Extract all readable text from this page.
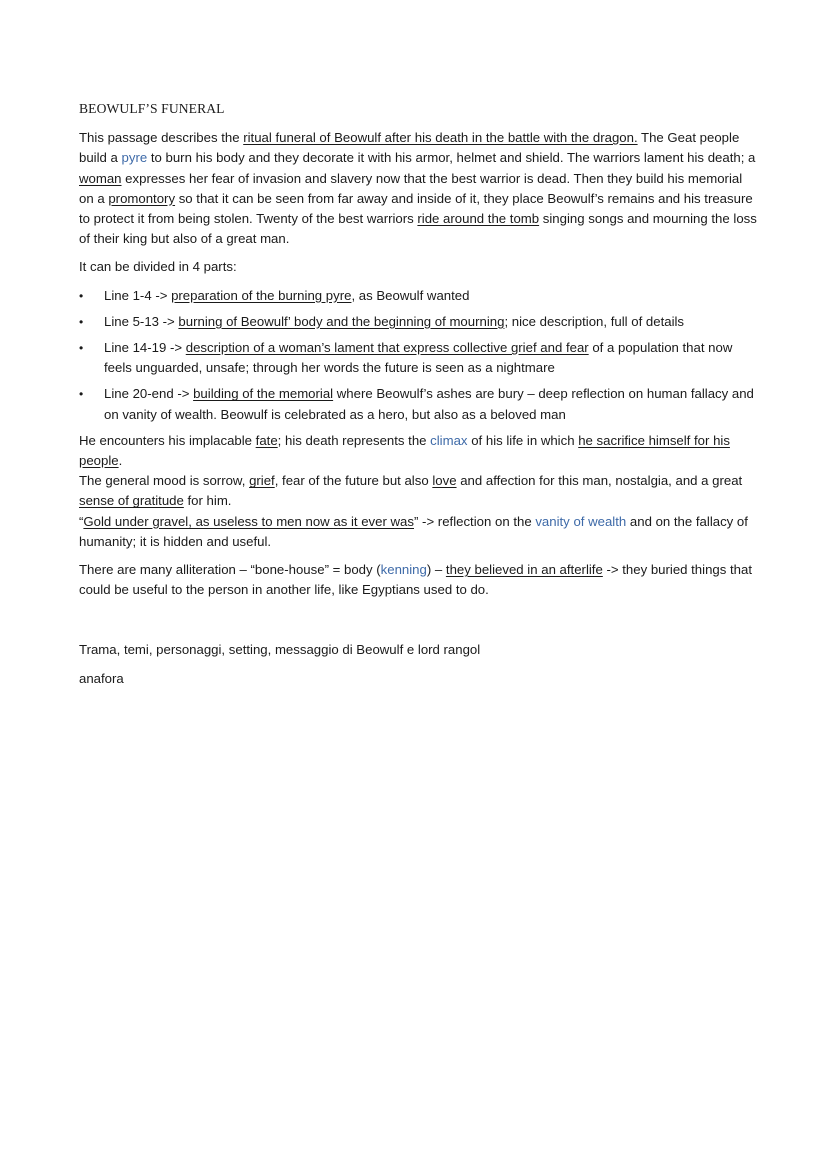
BEOWULF’S FUNERAL

This passage describes the ritual funeral of Beowulf after his death in the battle with the dragon. The Geat people build a pyre to burn his body and they decorate it with his armor, helmet and shield. The warriors lament his death; a woman expresses her fear of invasion and slavery now that the best warrior is dead. Then they build his memorial on a promontory so that it can be seen from far away and inside of it, they place Beowulf’s remains and his treasure to protect it from being stolen. Twenty of the best warriors ride around the tomb singing songs and mourning the loss of their king but also of a great man.

It can be divided in 4 parts:

•	Line 1-4 -> preparation of the burning pyre, as Beowulf wanted
•	Line 5-13 -> burning of Beowulf’ body and the beginning of mourning; nice description, full of details
•	Line 14-19 -> description of a woman’s lament that express collective grief and fear of a population that now feels unguarded, unsafe; through her words the future is seen as a nightmare
•	Line 20-end -> building of the memorial where Beowulf’s ashes are bury – deep reflection on human fallacy and on vanity of wealth. Beowulf is celebrated as a hero, but also as a beloved man
He encounters his implacable fate; his death represents the climax of his life in which he sacrifice himself for his people.
The general mood is sorrow, grief, fear of the future but also love and affection for this man, nostalgia, and a great sense of gratitude for him.
“Gold under gravel, as useless to men now as it ever was” -> reflection on the vanity of wealth and on the fallacy of humanity; it is hidden and useful.

There are many alliteration – “bone-house” = body (kenning) – they believed in an afterlife -> they buried things that could be useful to the person in another life, like Egyptians used to do.

Trama, temi, personaggi, setting, messaggio di Beowulf e lord rangol

anafora
